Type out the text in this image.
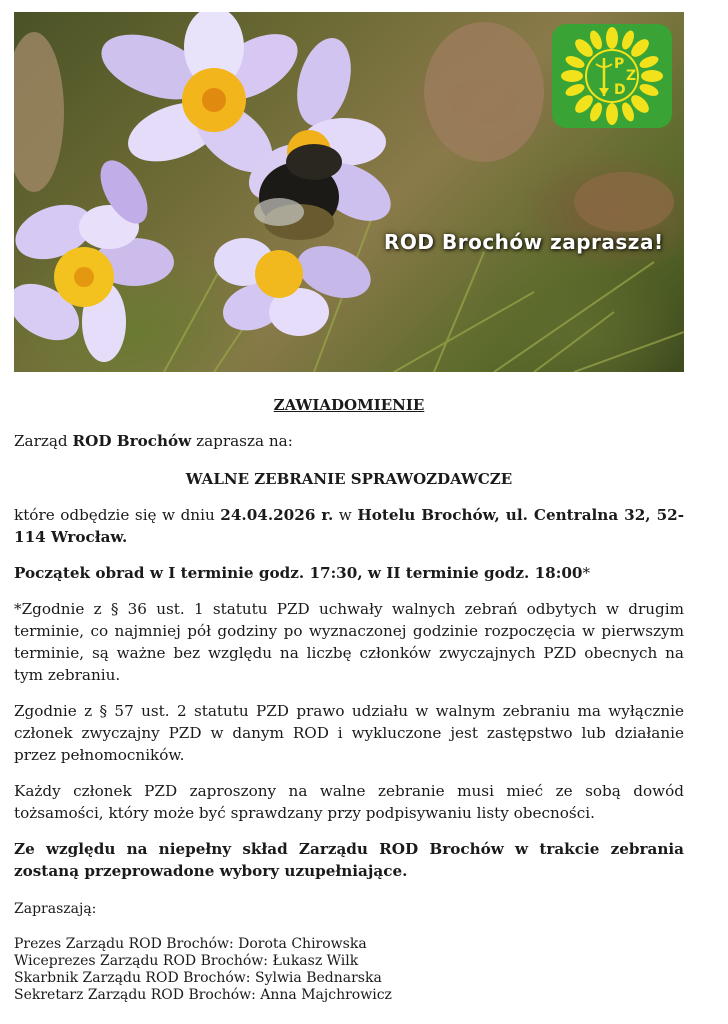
ROD Brochów zaprasza!
P
Z
D
ZAWIADOMIENIE
Zarząd ROD Brochów zaprasza na:
WALNE ZEBRANIE SPRAWOZDAWCZE
które odbędzie się w dniu 24.04.2026 r. w Hotelu Brochów, ul. Centralna 32, 52-114 Wrocław.
Początek obrad w I terminie godz. 17:30, w II terminie godz. 18:00*
*Zgodnie z § 36 ust. 1 statutu PZD uchwały walnych zebrań odbytych w drugim terminie, co najmniej pół godziny po wyznaczonej godzinie rozpoczęcia w pierwszym terminie, są ważne bez względu na liczbę członków zwyczajnych PZD obecnych na tym zebraniu.
Zgodnie z § 57 ust. 2 statutu PZD prawo udziału w walnym zebraniu ma wyłącznie członek zwyczajny PZD w danym ROD i wykluczone jest zastępstwo lub działanie przez pełnomocników.
Każdy członek PZD zaproszony na walne zebranie musi mieć ze sobą dowód tożsamości, który może być sprawdzany przy podpisywaniu listy obecności.
Ze względu na niepełny skład Zarządu ROD Brochów w trakcie zebrania zostaną przeprowadone wybory uzupełniające.
Zapraszają:
Prezes Zarządu ROD Brochów: Dorota Chirowska
Wiceprezes Zarządu ROD Brochów: Łukasz Wilk
Skarbnik Zarządu ROD Brochów: Sylwia Bednarska
Sekretarz Zarządu ROD Brochów: Anna Majchrowicz
